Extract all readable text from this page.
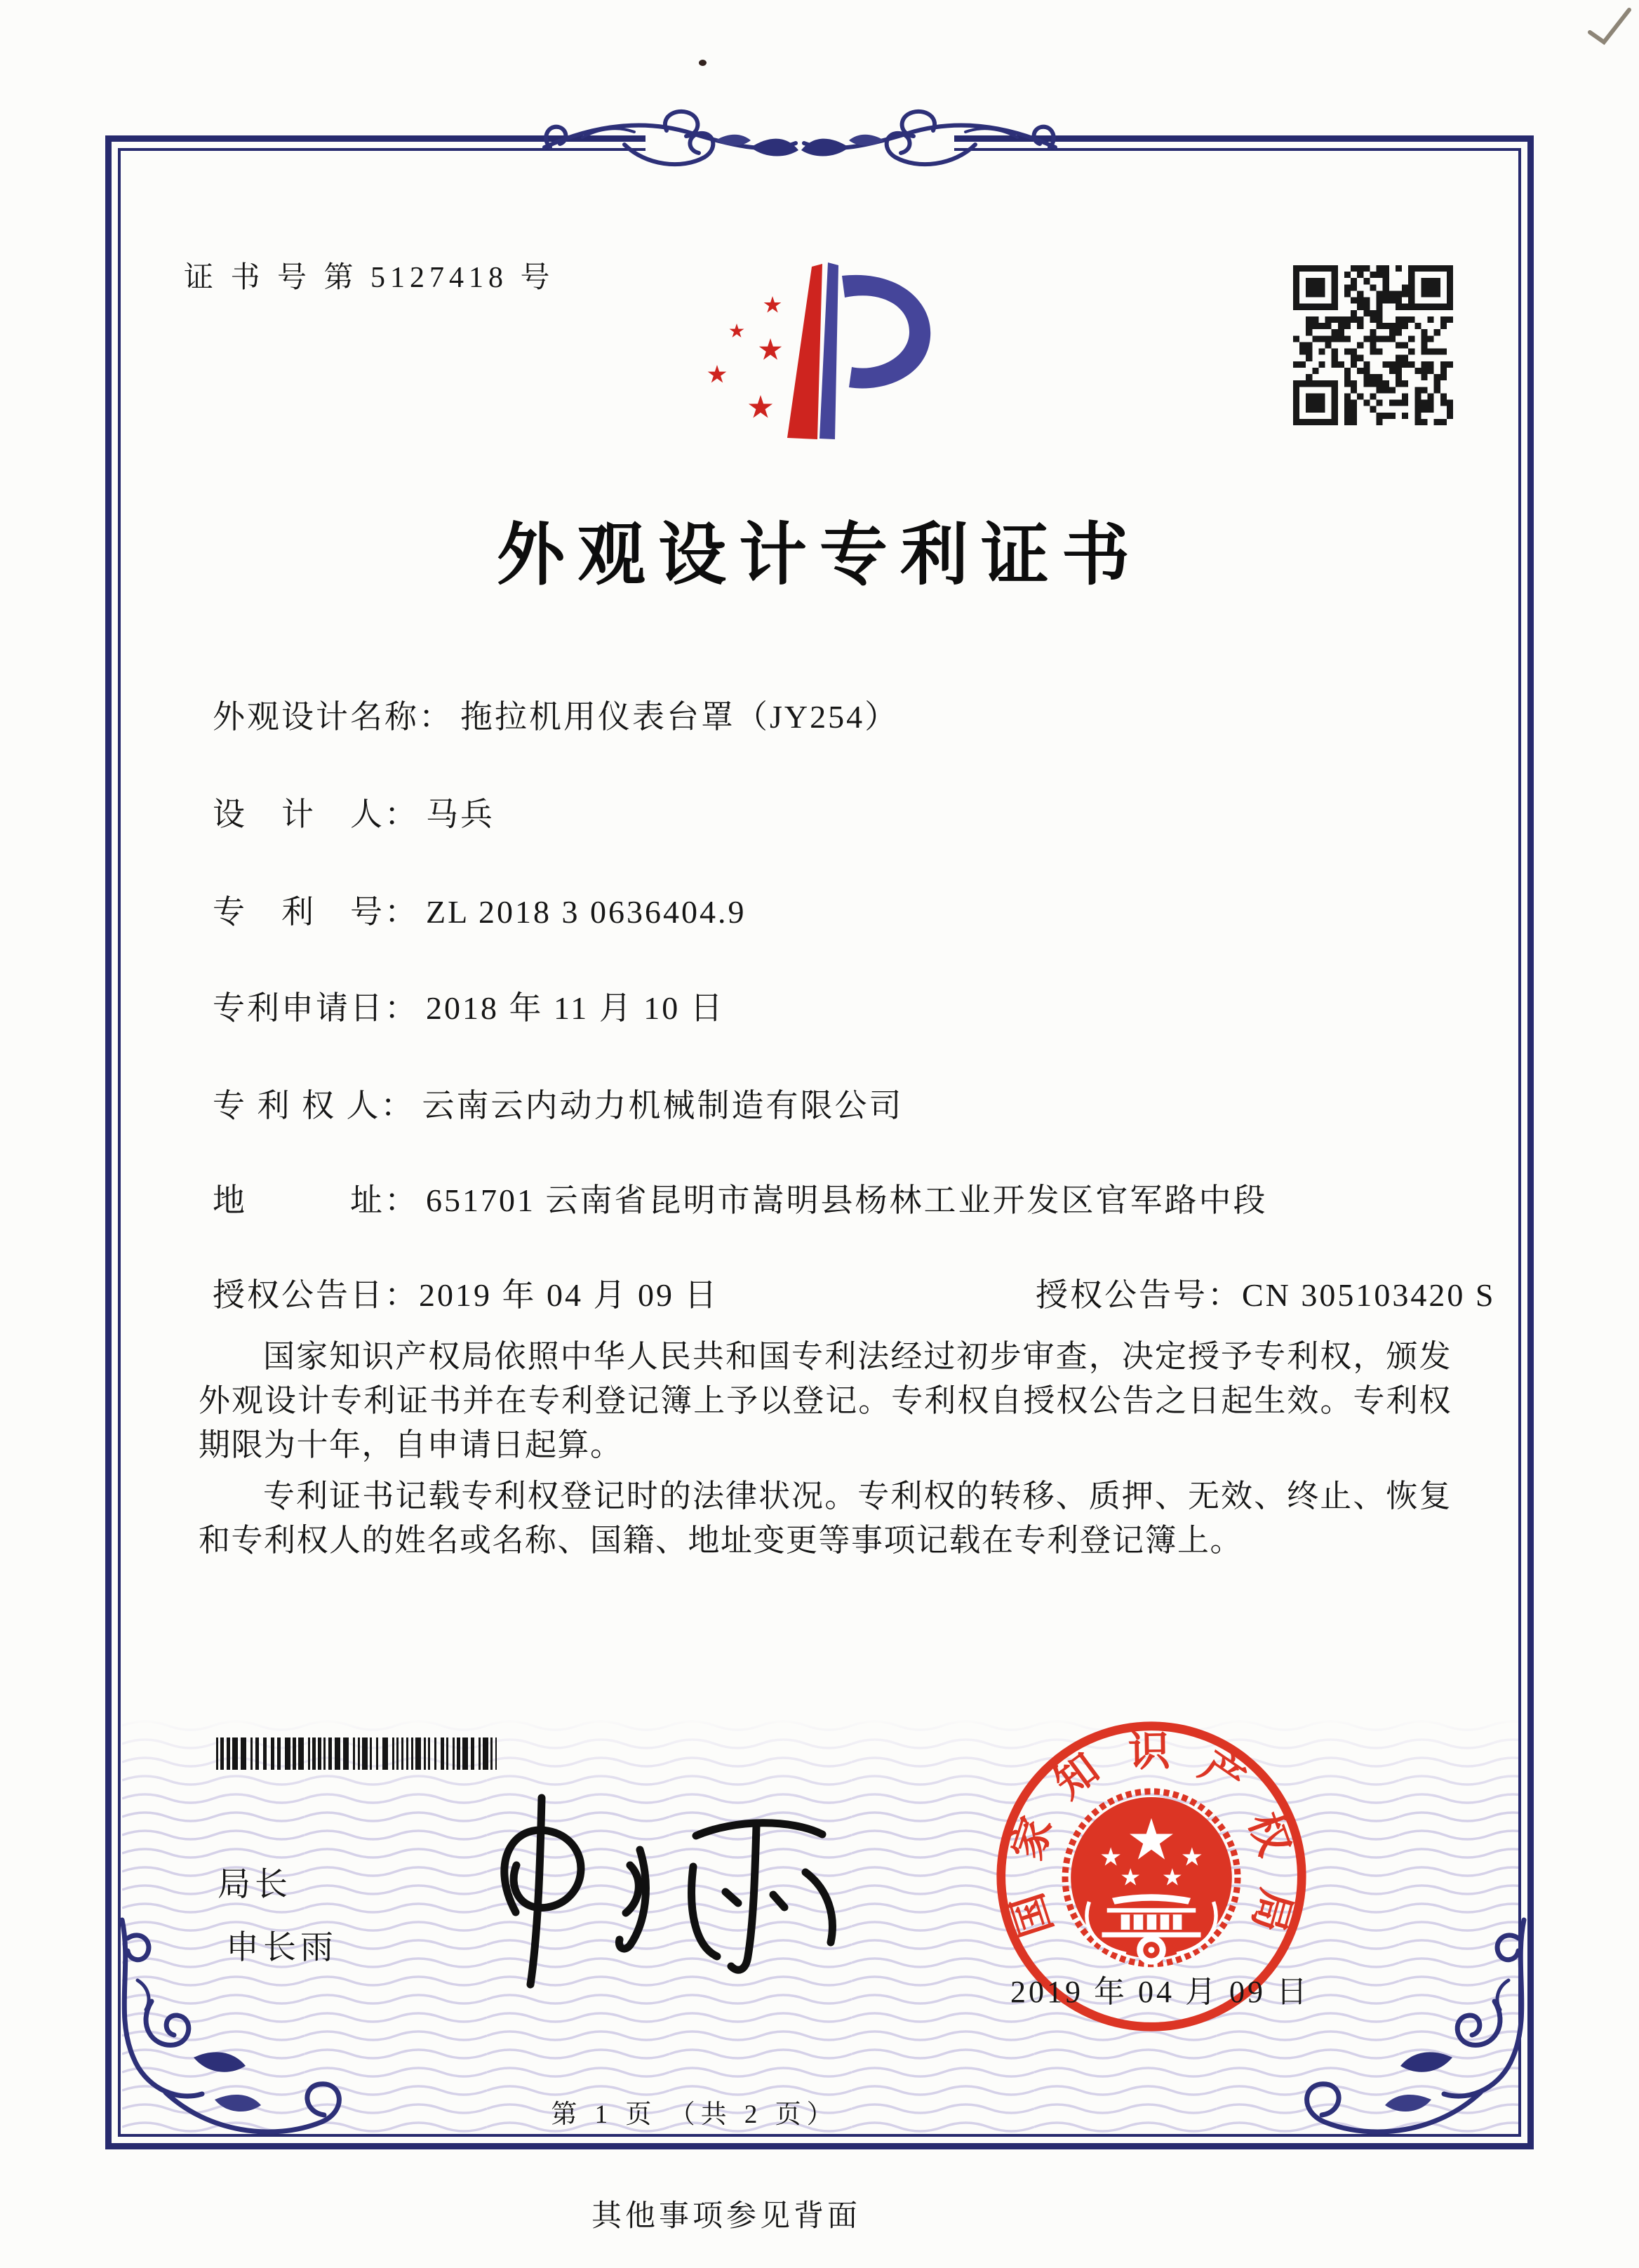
证 书 号 第 5127418 号
外观设计专利证书
外观设计名称： 拖拉机用仪表台罩（JY254）
设　计　人： 马兵
专　利　号： ZL 2018 3 0636404.9
专利申请日： 2018 年 11 月 10 日
专 利 权 人： 云南云内动力机械制造有限公司
地　　　址： 651701 云南省昆明市嵩明县杨林工业开发区官军路中段
授权公告日：2019 年 04 月 09 日	授权公告号：CN 305103420 S

国家知识产权局依照中华人民共和国专利法经过初步审查，决定授予专利权，颁发外观设计专利证书并在专利登记簿上予以登记。专利权自授权公告之日起生效。专利权期限为十年，自申请日起算。

专利证书记载专利权登记时的法律状况。专利权的转移、质押、无效、终止、恢复和专利权人的姓名或名称、国籍、地址变更等事项记载在专利登记簿上。

局长
申长雨
国家知识产权局
2019 年 04 月 09 日
第 1 页 （共 2 页）
其他事项参见背面
